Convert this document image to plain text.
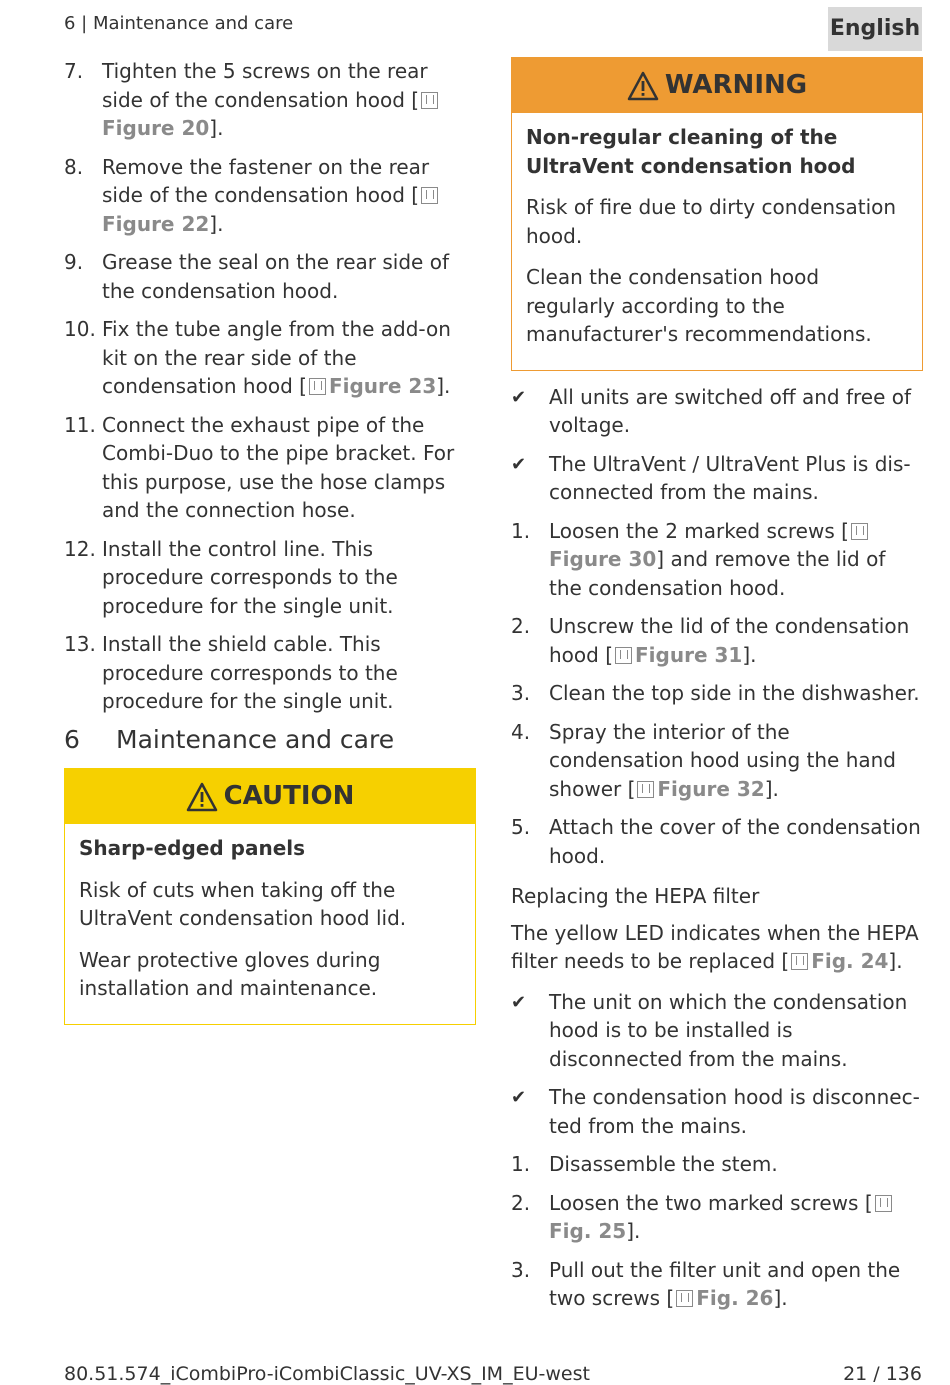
6 | Maintenance and care	English
7. Tighten the 5 screws on the rear side of the condensation hood [Figure 20].
8. Remove the fastener on the rear side of the condensation hood [Figure 22].
9. Grease the seal on the rear side of the condensation hood.
10. Fix the tube angle from the add-on kit on the rear side of the condensation hood [ Figure 23].
11. Connect the exhaust pipe of the Combi-Duo to the pipe bracket. For this purpose, use the hose clamps and the connection hose.
12. Install the control line. This procedure corresponds to the procedure for the single unit.
13. Install the shield cable. This procedure corresponds to the procedure for the single unit.
6	Maintenance and care
CAUTION

Sharp-edged panels

Risk of cuts when taking off the UltraVent condensation hood lid.

Wear protective gloves during installation and maintenance.

WARNING

Non-regular cleaning of the UltraVent condensation hood

Risk of fire due to dirty condensation hood.

Clean the condensation hood regularly according to the manufacturer's recommendations.

✔	All units are switched off and free of voltage.
✔	The UltraVent / UltraVent Plus is dis-connected from the mains.
1. Loosen the 2 marked screws [Figure 30] and remove the lid of the condensation hood.
2. Unscrew the lid of the condensation hood [ Figure 31].
3. Clean the top side in the dishwasher.
4. Spray the interior of the condensation hood using the hand shower [ Figure 32].
5. Attach the cover of the condensation hood.
Replacing the HEPA filter
The yellow LED indicates when the HEPA filter needs to be replaced [ Fig. 24].
✔	The unit on which the condensation hood is to be installed is disconnected from the mains.
✔	The condensation hood is disconnec-ted from the mains.
1. Disassemble the stem.
2. Loosen the two marked screws [Fig. 25].
3. Pull out the filter unit and open the two screws [ Fig. 26].
80.51.574_iCombiPro-iCombiClassic_UV-XS_IM_EU-west	21 / 136
